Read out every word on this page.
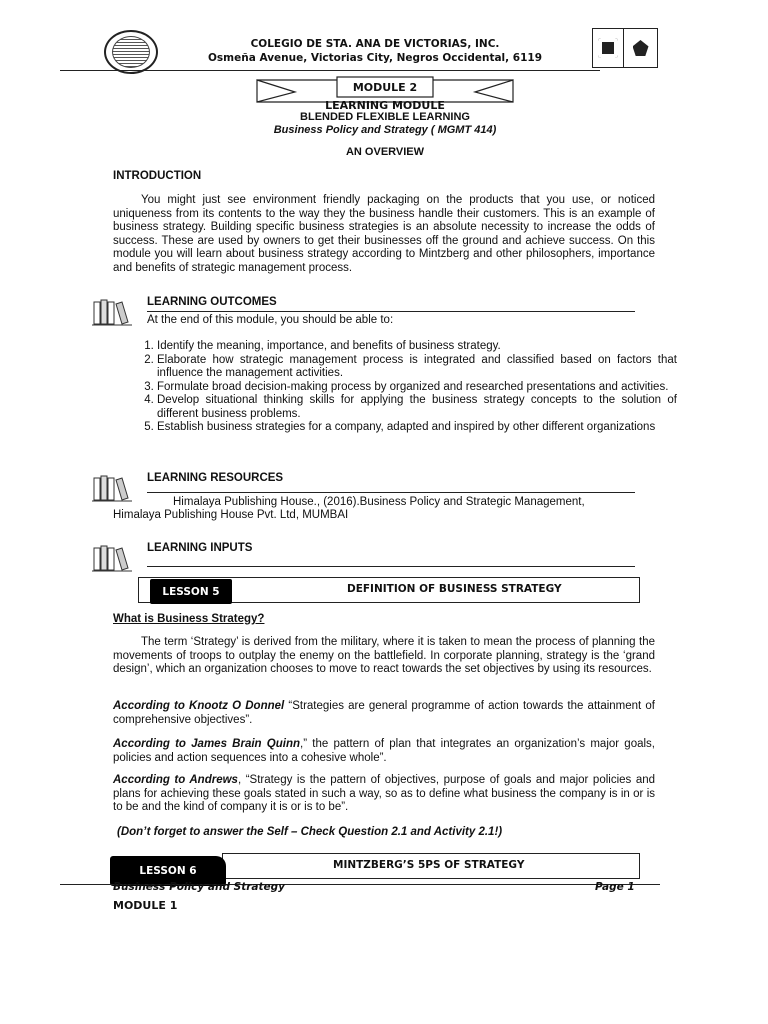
COLEGIO DE STA. ANA DE VICTORIAS, INC.
Osmeña Avenue, Victorias City, Negros Occidental, 6119
MODULE 2
LEARNING MODULE
BLENDED FLEXIBLE LEARNING
Business Policy and Strategy ( MGMT 414)
AN OVERVIEW
INTRODUCTION
You might just see environment friendly packaging on the products that you use, or noticed uniqueness from its contents to the way they the business handle their customers. This is an example of business strategy. Building specific business strategies is an absolute necessity to increase the odds of success. These are used by owners to get their businesses off the ground and achieve success. On this module you will learn about business strategy according to Mintzberg and other philosophers, importance and benefits of strategic management process.
LEARNING OUTCOMES
At the end of this module, you should be able to:
1. Identify the meaning, importance, and benefits of business strategy.
2. Elaborate how strategic management process is integrated and classified based on factors that influence the management activities.
3. Formulate broad decision-making process by organized and researched presentations and activities.
4. Develop situational thinking skills for applying the business strategy concepts to the solution of different business problems.
5. Establish business strategies for a company, adapted and inspired by other different organizations
LEARNING RESOURCES
Himalaya Publishing House., (2016).Business Policy and Strategic Management,
Himalaya Publishing House Pvt. Ltd, MUMBAI
LEARNING INPUTS
LESSON 5	DEFINITION OF BUSINESS STRATEGY
What is Business Strategy?
The term ‘Strategy’ is derived from the military, where it is taken to mean the process of planning the movements of troops to outplay the enemy on the battlefield. In corporate planning, strategy is the ‘grand design’, which an organization chooses to move to react towards the set objectives by using its resources.
According to Knootz O Donnel “Strategies are general programme of action towards the attainment of comprehensive objectives”.
According to James Brain Quinn,” the pattern of plan that integrates an organization’s major goals, policies and action sequences into a cohesive whole”.
According to Andrews, “Strategy is the pattern of objectives, purpose of goals and major policies and plans for achieving these goals stated in such a way, so as to define what business the company is in or is to be and the kind of company it is or is to be”.
(Don’t forget to answer the Self – Check Question 2.1 and Activity 2.1!)
LESSON 6	MINTZBERG’S 5PS OF STRATEGY
Business Policy and Strategy	Page 1
MODULE 1
